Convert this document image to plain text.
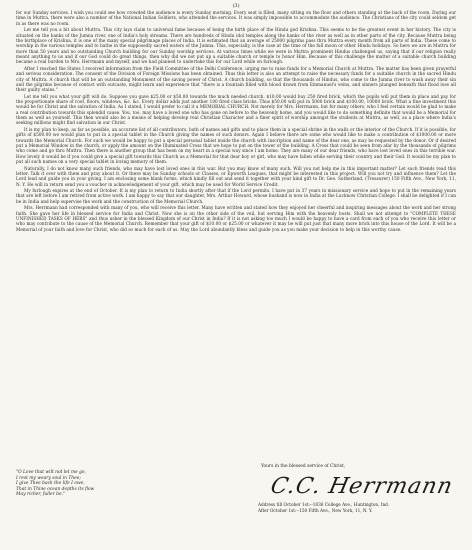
(3)

for our Sunday services. I wish you could see how crowded the audience is every Sunday morning. Every seat is filled, many sitting on the floor and others standing at the back of the room. During our time in Muttra, there were also a number of the National Indian Soldiers, who attended the services. It was simply impossible to accommodate the audience. The Christians of the city could seldom get in as there was no room.

Let me tell you a bit about Muttra. This city lays claim to universal fame because of being the birth place of the Hindu god Krishna. This seems to be the greatest event in her history. The city is situated on the banks of the Jumna river, one of India's holy streams. There are hundreds of Hindu idol temples along the banks of the river as well as in other parts of the city. Because Muttra being the birthplace of Krishna, it is one of the many special pilgrimage places of India. It is estimated that an average of 25000 pilgrims pass thru Muttra every month from all parts of India. These come to worship in the various temples and to bathe in the supposedly sacred waters of the Jumna. This, especially, is the case at the time of the full moon or other Hindu holidays. So here we are in Muttra for more than 50 years and no outstanding Church building for our Sunday worship services. At various times while we were in Muttra prominent Hindus challenged us, saying that if our religion really meant anything to us and if our God could do great things, then why did we not put up a suitable church or temple to honor Him. Because of this challenge the matter of a suitable church building became a real burden to Mrs. Herrmann and myself, and we had planned to undertake this for our Lord while on furlough.

After I reached the States I received information from the Field Committee of the Delhi Conference, urging me to raise funds for a Memorial Church at Muttra. The matter has been given prayerful and serious consideration. The consent of the Division of Foreign Missions has been obtained. Thus this letter is also an attempt to raise the necessary funds for a suitable church in the sacred Hindu city of Muttra. A church that will be an outstanding Monument of the saving power of Christ. A church building, so that the thousands of Hindus, who come to the Jumna river to wash away their sin and the pilgrims because of contact with outcaste, might learn and experience that "there is a fountain filled with blood drawn from Emmanuel's veins, and sinners plunged beneath that flood lose all their guilty stains."

Let me tell you what your gift will do. Suppose you gave $25.00 or $50.00 towards the much needed church. $10.00 would buy 250 fired brick, which the pupils will put them in place and pay for the proportionate share of roof, floors, windows, &c. &c. Every dollar adds just another 100 fired class bricks. Thus $50.00 will put in 5000 brick and $100.00, 10000 brick. What a fine investment this would be for Christ and the salvation of India. As I stated, I would prefer to call it a MEMORIAL CHURCH. Not merely for Mrs. Herrmann, but for many others, who I feel certain would be glad to make a real contribution towards this splendid cause. You, too, may have a loved one who has gone on before to the heavenly home, and you would like to do something definite that would be a Memorial for them as well as yourself. This then would also be a means of helping develop real Christian Character and a finer spirit of worship amongst the students at Muttra, as well, as a place where India's seeking millions might find salvation in our Christ.

It is my plan to keep, as far as possible, an accurate list of all contributors, both of names and gifts and to place them in a special shrine in the walls or the interior of the Church. If it is possible, for gifts of $500.00 we would plan to put in a special tablet in the Church giving the names of such donors. Again I believe there are some who would like to make a contribution of $1000.00 or more towards the Memorial Church. For such we would be happy to put a special personal tablet inside the church with inscription and name of the dear one, as may be requested by the donor. Or if desired put a Memorial Window in the church, or apply the amount on the Illuminated Cross that we hope to put on the tower of the building. A Cross that could be seen from afar by the thousands of pilgrims who come and go thru Muttra. Then there is another group that has been on my heart in a special way since I am home. They are many of our dear friends, who have lost loved ones in this terrible war. How lovely it would be if you could give a special gift towards this Church as a Memorial for that dear boy or girl, who may have fallen while serving their country and their God. It would be my plan to put all such names on a very special tablet in loving memory of them.

Naturally, I do not know many such friends, who may have lost loved ones in this war. But you may know of many such. Will you not help me in this important matter? Let such friends read this letter. Talk it over with them and pray about it. Or there may be Sunday schools or Classes, or Epworth Leagues, that might be interested in this project. Will you not try and influence them? Let the Lord lead and guide you in your giving. I am enclosing some blank forms, which kindly fill out and send it together with your kind gift to Dr. Geo. Sutherland, (Treasurer) 150 Fifth Ave., New York, 11, N. Y. He will in return send you a voucher in acknowledgement of your gift, which may be used for World Service Credit.

My furlough expires at the end of October. It is my plan to return to India shortly after that if the Lord permits. I have put in 37 years in missionary service and hope to put in the remaining years that are left before I am retired from active work. I am happy to say that our daughter, Mrs. Arthur Howard, whose husband is now in India at the Lucknow Christian College. I shall be delighted if I can be in India and help supervise the work and the construction of the Memorial Church.

Mrs. Herrmann had corresponded with many of you, who will receive this letter. Many have written and stated how they enjoyed her cheerful and inspiring messages about the work and her strong faith. She gave her life in blessed service for India and Christ. Now she is on the other side of the veil, but serving Him with the heavenly hosts. Shall we not attempt to "COMPLETE THESE UNFINISHED TASKS OF HERS" and thus usher in the blessed Kingdom of our Christ in India? If it is not asking too much I would be happy to have a card from each of you who receive this letter or who may contribute to the cause of the Memorial Church. Remember that your gift of $10.00 or $25.00 or whatever it may be will put just that many more brick into this house of the Lord. It will be a Memorial of your faith and love for Christ, who did so much for each of us. May the Lord abundantly bless and guide you as you make your decision to help in this worthy cause.

"O Love that wilt not let me go,
I rest my weary soul in Thee;
I give Thee back the life I owe,
That in Thine ocean depths its flow
May richer, fuller be."
Yours in the blessed service of Christ,
C.C. Herrmann
Address till October 1st:--1836 College Ave., Huntington, Ind.
After October 1st:--150 Fifth Ave., New York, 11, N. Y.
